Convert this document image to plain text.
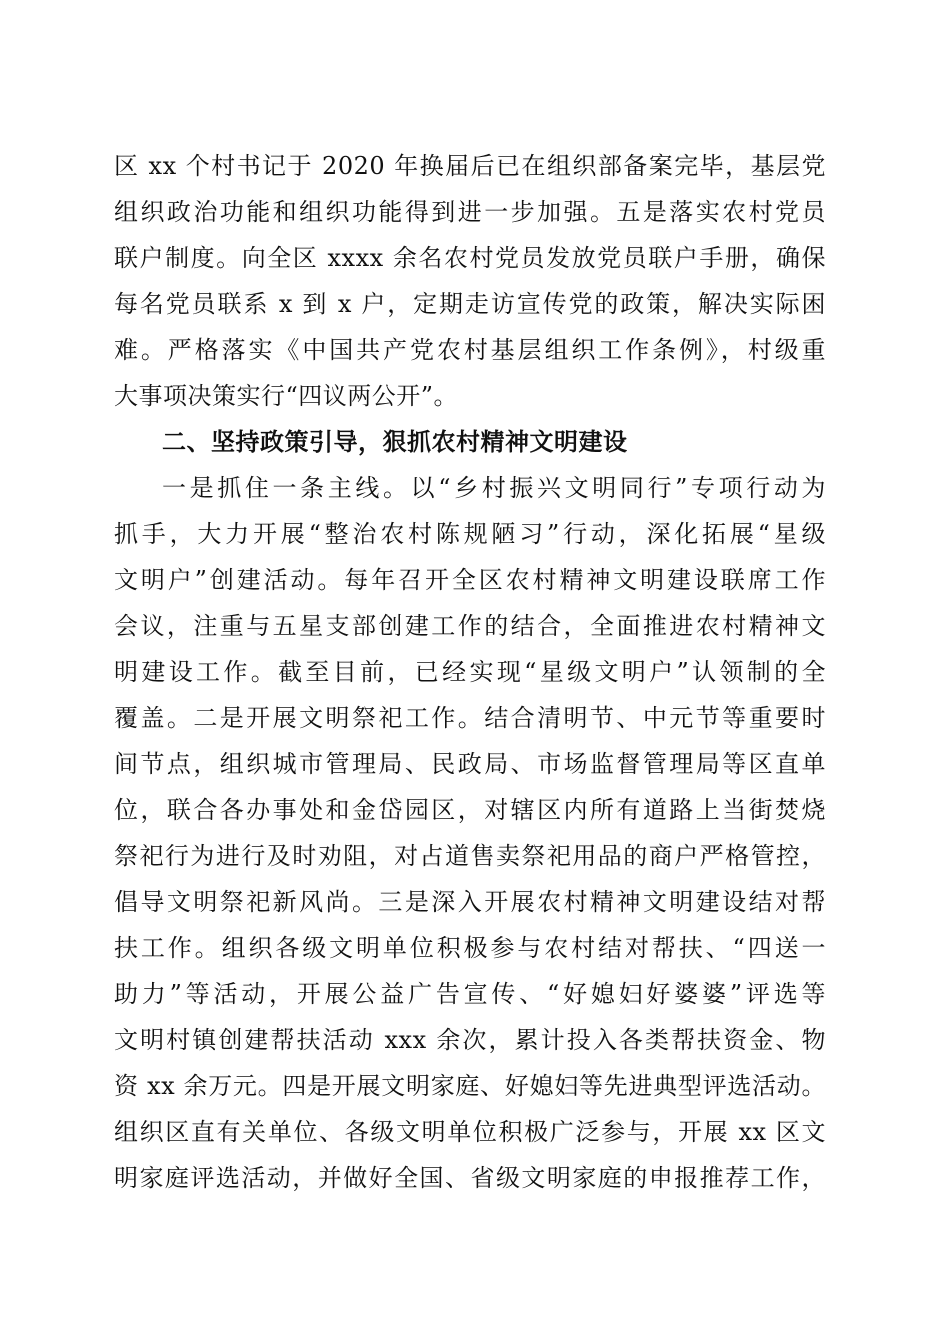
区 xx 个村书记于 2020 年换届后已在组织部备案完毕，基层党
组织政治功能和组织功能得到进一步加强。五是落实农村党员
联户制度。向全区 xxxx 余名农村党员发放党员联户手册，确保
每名党员联系 x 到 x 户，定期走访宣传党的政策，解决实际困
难。严格落实《中国共产党农村基层组织工作条例》，村级重
大事项决策实行“四议两公开”。
二、坚持政策引导，狠抓农村精神文明建设
一是抓住一条主线。以“乡村振兴文明同行”专项行动为
抓手，大力开展“整治农村陈规陋习”行动，深化拓展“星级
文明户”创建活动。每年召开全区农村精神文明建设联席工作
会议，注重与五星支部创建工作的结合，全面推进农村精神文
明建设工作。截至目前，已经实现“星级文明户”认领制的全
覆盖。二是开展文明祭祀工作。结合清明节、中元节等重要时
间节点，组织城市管理局、民政局、市场监督管理局等区直单
位，联合各办事处和金岱园区，对辖区内所有道路上当街焚烧
祭祀行为进行及时劝阻，对占道售卖祭祀用品的商户严格管控，
倡导文明祭祀新风尚。三是深入开展农村精神文明建设结对帮
扶工作。组织各级文明单位积极参与农村结对帮扶、“四送一
助力”等活动，开展公益广告宣传、“好媳妇好婆婆”评选等
文明村镇创建帮扶活动 xxx 余次，累计投入各类帮扶资金、物
资 xx 余万元。四是开展文明家庭、好媳妇等先进典型评选活动。
组织区直有关单位、各级文明单位积极广泛参与，开展 xx 区文
明家庭评选活动，并做好全国、省级文明家庭的申报推荐工作，
